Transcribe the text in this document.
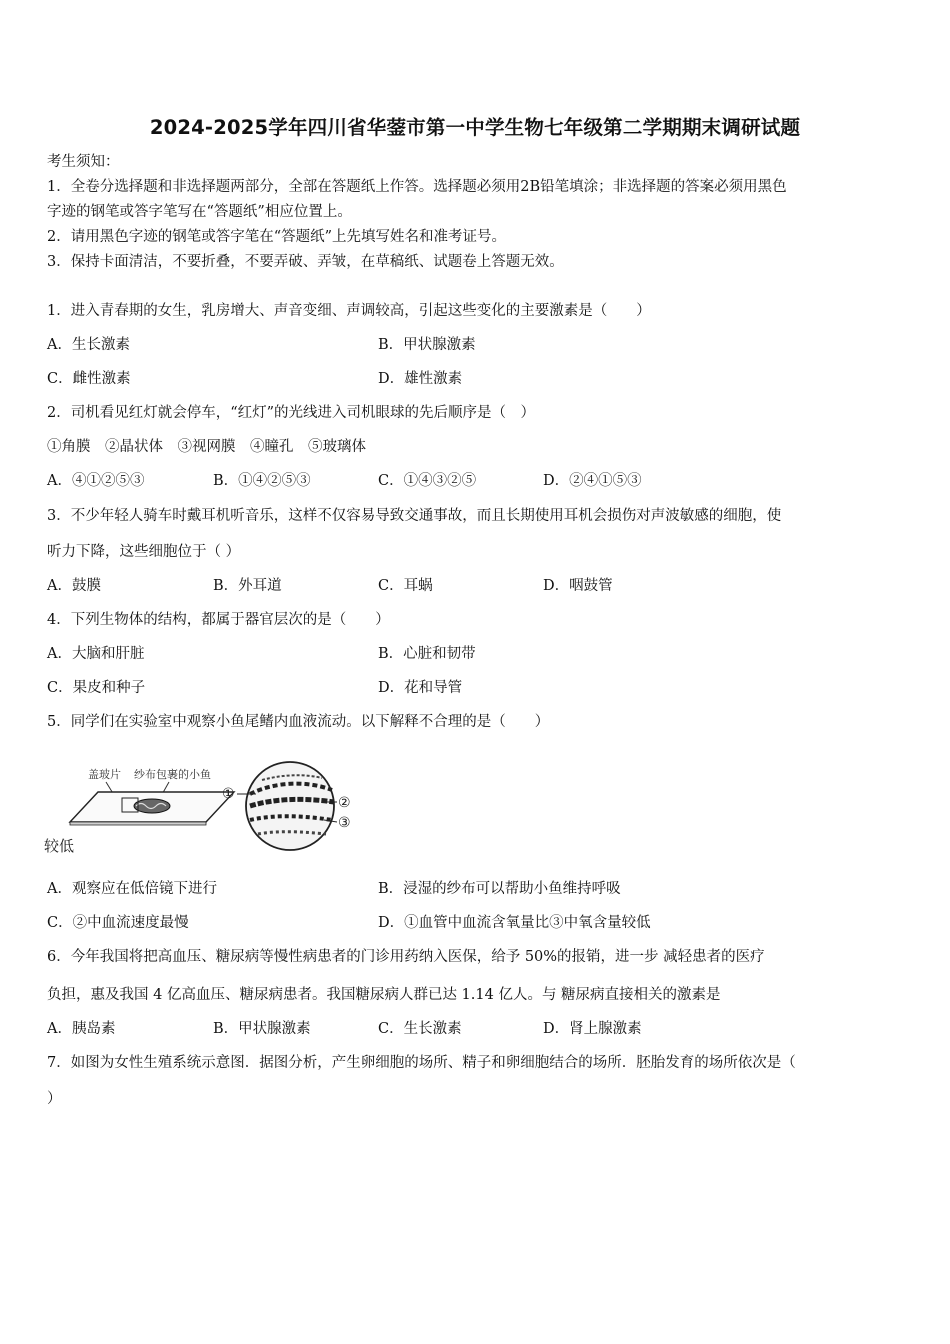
2024-2025学年四川省华蓥市第一中学生物七年级第二学期期末调研试题
考生须知：
1．全卷分选择题和非选择题两部分，全部在答题纸上作答。选择题必须用2B铅笔填涂；非选择题的答案必须用黑色
字迹的钢笔或答字笔写在“答题纸”相应位置上。
2．请用黑色字迹的钢笔或答字笔在“答题纸”上先填写姓名和准考证号。
3．保持卡面清洁，不要折叠，不要弄破、弄皱，在草稿纸、试题卷上答题无效。
1．进入青春期的女生，乳房增大、声音变细、声调较高，引起这些变化的主要激素是（　　）
A．生长激素	B．甲状腺激素
C．雌性激素	D．雄性激素
2．司机看见红灯就会停车，“红灯”的光线进入司机眼球的先后顺序是（　）
①角膜　②晶状体　③视网膜　④瞳孔　⑤玻璃体
A．④①②⑤③	B．①④②⑤③	C．①④③②⑤	D．②④①⑤③
3．不少年轻人骑车时戴耳机听音乐，这样不仅容易导致交通事故，而且长期使用耳机会损伤对声波敏感的细胞，使
听力下降，这些细胞位于（ ）
A．鼓膜	B．外耳道	C．耳蜗	D．咽鼓管
4．下列生物体的结构，都属于器官层次的是（　　）
A．大脑和肝脏	B．心脏和韧带
C．果皮和种子	D．花和导管
5．同学们在实验室中观察小鱼尾鳍内血液流动。以下解释不合理的是（　　）
盖玻片 纱布包裹的小鱼
较低
①
②
③
A．观察应在低倍镜下进行	B．浸湿的纱布可以帮助小鱼维持呼吸
C．②中血流速度最慢	D．①血管中血流含氧量比③中氧含量较低
6．今年我国将把高血压、糖尿病等慢性病患者的门诊用药纳入医保，给予 50%的报销，进一步 减轻患者的医疗
负担，惠及我国 4 亿高血压、糖尿病患者。我国糖尿病人群已达 1.14 亿人。与 糖尿病直接相关的激素是
A．胰岛素	B．甲状腺激素	C．生长激素	D．肾上腺激素
7．如图为女性生殖系统示意图．据图分析，产生卵细胞的场所、精子和卵细胞结合的场所．胚胎发育的场所依次是（
）
